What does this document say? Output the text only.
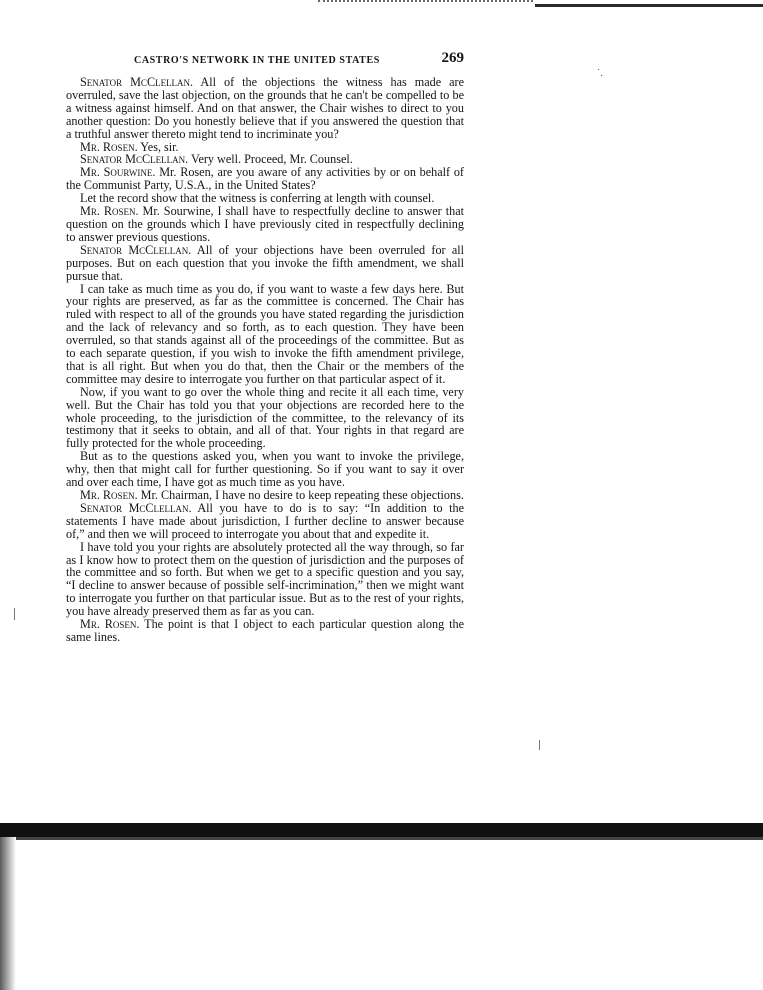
CASTRO'S NETWORK IN THE UNITED STATES	269
˙.

Senator McClellan. All of the objections the witness has made are overruled, save the last objection, on the grounds that he can't be compelled to be a witness against himself. And on that answer, the Chair wishes to direct to you another question: Do you honestly believe that if you answered the question that a truthful answer thereto might tend to incriminate you?

Mr. Rosen. Yes, sir.

Senator McClellan. Very well. Proceed, Mr. Counsel.

Mr. Sourwine. Mr. Rosen, are you aware of any activities by or on behalf of the Communist Party, U.S.A., in the United States?

Let the record show that the witness is conferring at length with counsel.

Mr. Rosen. Mr. Sourwine, I shall have to respectfully decline to answer that question on the grounds which I have previously cited in respectfully declining to answer previous questions.

Senator McClellan. All of your objections have been overruled for all purposes. But on each question that you invoke the fifth amendment, we shall pursue that.

I can take as much time as you do, if you want to waste a few days here. But your rights are preserved, as far as the committee is concerned. The Chair has ruled with respect to all of the grounds you have stated regarding the jurisdiction and the lack of relevancy and so forth, as to each question. They have been overruled, so that stands against all of the proceedings of the committee. But as to each separate question, if you wish to invoke the fifth amendment privilege, that is all right. But when you do that, then the Chair or the members of the committee may desire to interrogate you further on that particular aspect of it.

Now, if you want to go over the whole thing and recite it all each time, very well. But the Chair has told you that your objections are recorded here to the whole proceeding, to the jurisdiction of the committee, to the relevancy of its testimony that it seeks to obtain, and all of that. Your rights in that regard are fully protected for the whole proceeding.

But as to the questions asked you, when you want to invoke the privilege, why, then that might call for further questioning. So if you want to say it over and over each time, I have got as much time as you have.

Mr. Rosen. Mr. Chairman, I have no desire to keep repeating these objections.

Senator McClellan. All you have to do is to say: “In addition to the statements I have made about jurisdiction, I further decline to answer because of,” and then we will proceed to interrogate you about that and expedite it.

I have told you your rights are absolutely protected all the way through, so far as I know how to protect them on the question of jurisdiction and the purposes of the committee and so forth. But when we get to a specific question and you say, “I decline to answer because of possible self-incrimination,” then we might want to interrogate you further on that particular issue. But as to the rest of your rights, you have already preserved them as far as you can.

Mr. Rosen. The point is that I object to each particular question along the same lines.
